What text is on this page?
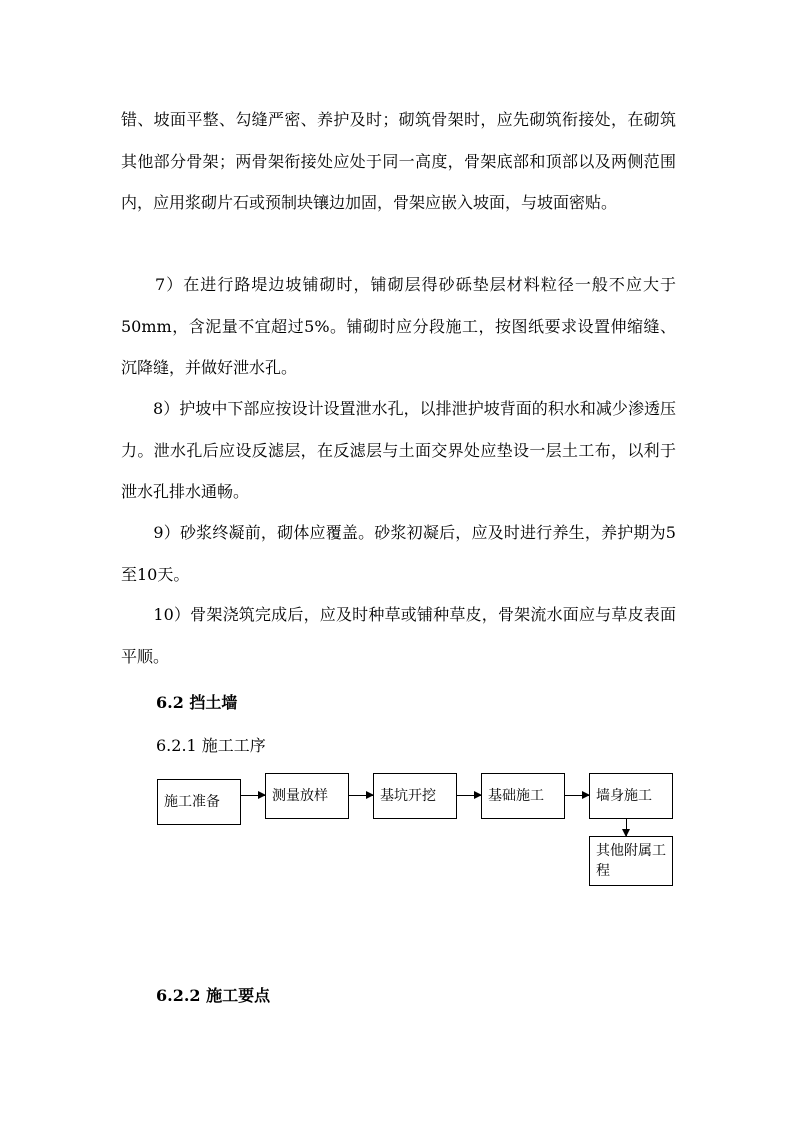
错、坡面平整、勾缝严密、养护及时；砌筑骨架时，应先砌筑衔接处，在砌筑其他部分骨架；两骨架衔接处应处于同一高度，骨架底部和顶部以及两侧范围内，应用浆砌片石或预制块镶边加固，骨架应嵌入坡面，与坡面密贴。

　　7）在进行路堤边坡铺砌时，铺砌层得砂砾垫层材料粒径一般不应大于50mm，含泥量不宜超过5%。铺砌时应分段施工，按图纸要求设置伸缩缝、沉降缝，并做好泄水孔。

　　8）护坡中下部应按设计设置泄水孔，以排泄护坡背面的积水和减少渗透压力。泄水孔后应设反滤层，在反滤层与土面交界处应垫设一层土工布，以利于泄水孔排水通畅。

　　9）砂浆终凝前，砌体应覆盖。砂浆初凝后，应及时进行养生，养护期为5至10天。

　　10）骨架浇筑完成后，应及时种草或铺种草皮，骨架流水面应与草皮表面平顺。

6.2 挡土墙

6.2.1 施工工序

施工准备	测量放样	基坑开挖	基础施工	墙身施工
其他附属工程

6.2.2 施工要点
